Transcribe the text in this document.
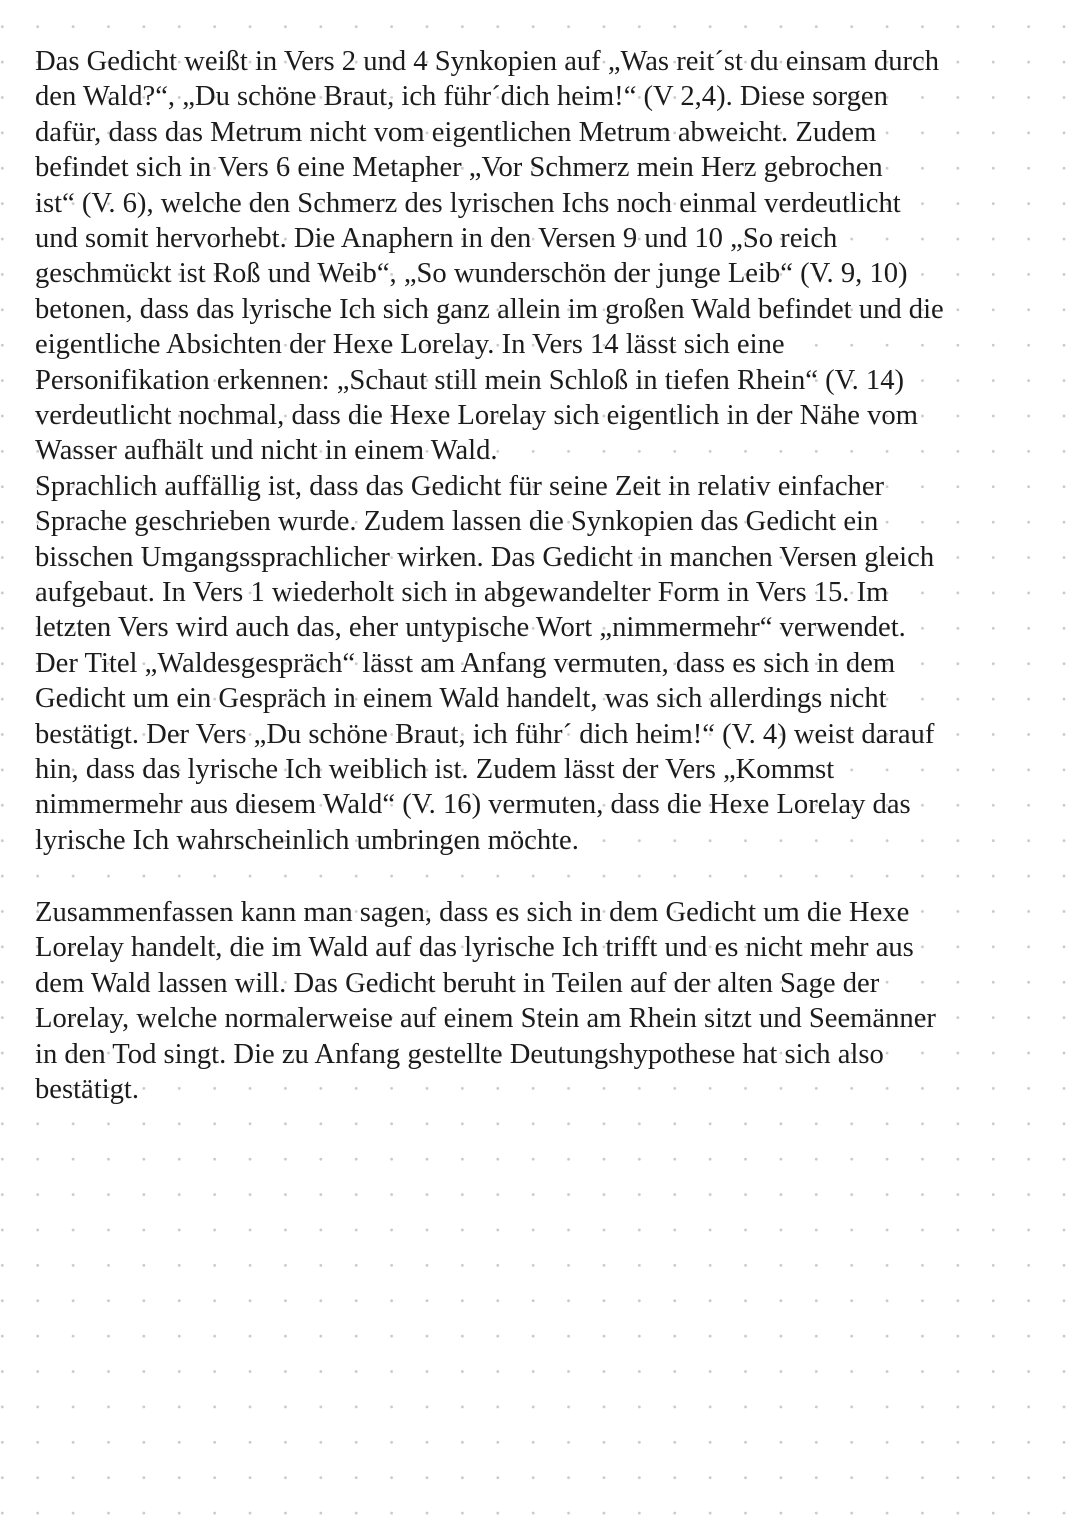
Das Gedicht weißt in Vers 2 und 4 Synkopien auf „Was reit´st du einsam durch

den Wald?“, „Du schöne Braut, ich führ´dich heim!“ (V 2,4). Diese sorgen

dafür, dass das Metrum nicht vom eigentlichen Metrum abweicht. Zudem

befindet sich in Vers 6 eine Metapher „Vor Schmerz mein Herz gebrochen

ist“ (V. 6), welche den Schmerz des lyrischen Ichs noch einmal verdeutlicht

und somit hervorhebt. Die Anaphern in den Versen 9 und 10 „So reich

geschmückt ist Roß und Weib“, „So wunderschön der junge Leib“ (V. 9, 10)

betonen, dass das lyrische Ich sich ganz allein im großen Wald befindet und die

eigentliche Absichten der Hexe Lorelay. In Vers 14 lässt sich eine

Personifikation erkennen: „Schaut still mein Schloß in tiefen Rhein“ (V. 14)

verdeutlicht nochmal, dass die Hexe Lorelay sich eigentlich in der Nähe vom

Wasser aufhält und nicht in einem Wald.

Sprachlich auffällig ist, dass das Gedicht für seine Zeit in relativ einfacher

Sprache geschrieben wurde. Zudem lassen die Synkopien das Gedicht ein

bisschen Umgangssprachlicher wirken. Das Gedicht in manchen Versen gleich

aufgebaut. In Vers 1 wiederholt sich in abgewandelter Form in Vers 15. Im

letzten Vers wird auch das, eher untypische Wort „nimmermehr“ verwendet.

Der Titel „Waldesgespräch“ lässt am Anfang vermuten, dass es sich in dem

Gedicht um ein Gespräch in einem Wald handelt, was sich allerdings nicht

bestätigt. Der Vers „Du schöne Braut, ich führ´ dich heim!“ (V. 4) weist darauf

hin, dass das lyrische Ich weiblich ist. Zudem lässt der Vers „Kommst

nimmermehr aus diesem Wald“ (V. 16) vermuten, dass die Hexe Lorelay das

lyrische Ich wahrscheinlich umbringen möchte.

Zusammenfassen kann man sagen, dass es sich in dem Gedicht um die Hexe

Lorelay handelt, die im Wald auf das lyrische Ich trifft und es nicht mehr aus

dem Wald lassen will. Das Gedicht beruht in Teilen auf der alten Sage der

Lorelay, welche normalerweise auf einem Stein am Rhein sitzt und Seemänner

in den Tod singt. Die zu Anfang gestellte Deutungshypothese hat sich also

bestätigt.
